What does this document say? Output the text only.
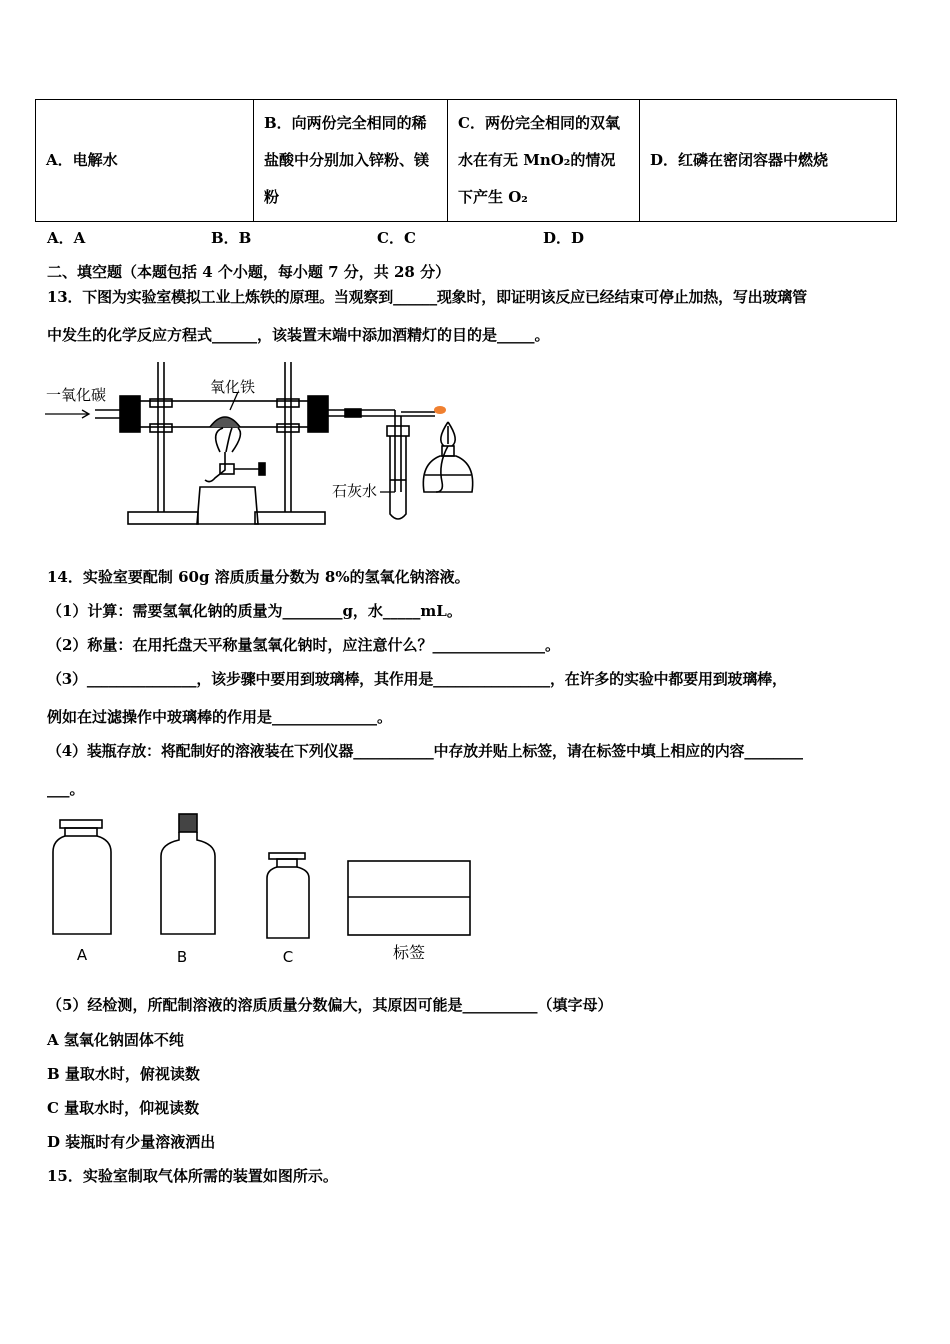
A．电解水	B．向两份完全相同的稀盐酸中分别加入锌粉、镁粉	C．两份完全相同的双氧水在有无 MnO₂的情况下产生 O₂	D．红磷在密闭容器中燃烧
A．A	B．B	C．C	D．D
二、填空题（本题包括 4 个小题，每小题 7 分，共 28 分）
13．下图为实验室模拟工业上炼铁的原理。当观察到______现象时，即证明该反应已经结束可停止加热，写出玻璃管
中发生的化学反应方程式______，该装置末端中添加酒精灯的目的是_____。
一氧化碳	氧化铁
石灰水
14．实验室要配制 60g 溶质质量分数为 8%的氢氧化钠溶液。
（1）计算：需要氢氧化钠的质量为________g，水_____mL。
（2）称量：在用托盘天平称量氢氧化钠时，应注意什么？_______________。
（3）_______________，该步骤中要用到玻璃棒，其作用是________________，在许多的实验中都要用到玻璃棒，
例如在过滤操作中玻璃棒的作用是______________。
（4）装瓶存放：将配制好的溶液装在下列仪器___________中存放并贴上标签，请在标签中填上相应的内容________
___。
A	B	C	标签
（5）经检测，所配制溶液的溶质质量分数偏大，其原因可能是__________（填字母）
A 氢氧化钠固体不纯
B 量取水时，俯视读数
C 量取水时，仰视读数
D 装瓶时有少量溶液洒出
15．实验室制取气体所需的装置如图所示。
